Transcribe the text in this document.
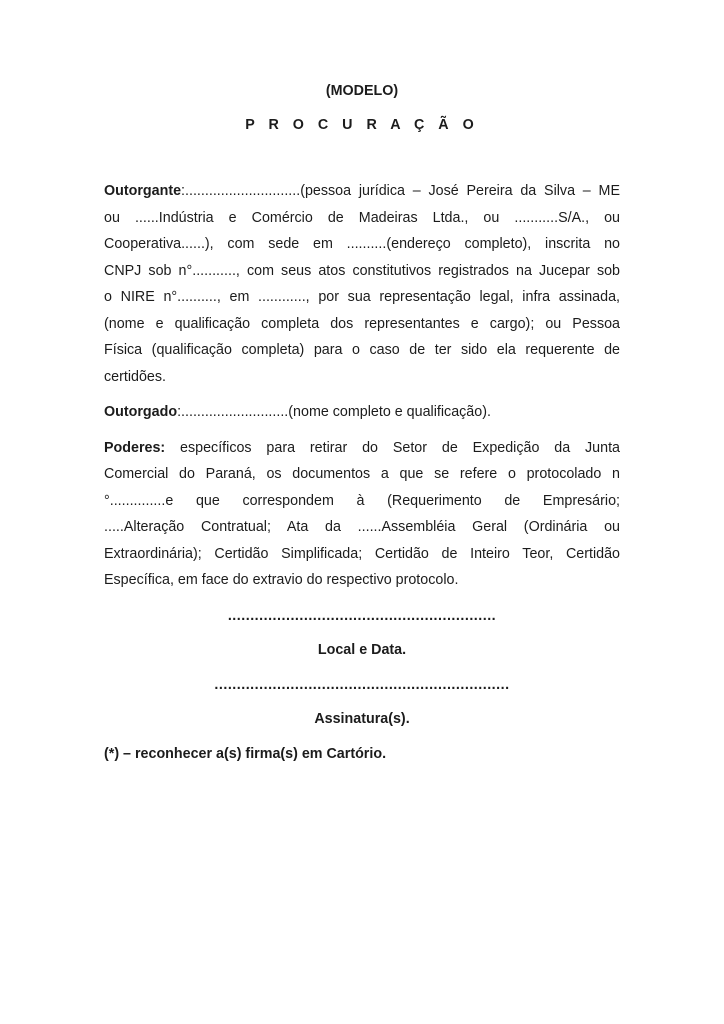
(MODELO)
P R O C U R A Ç Ã O
Outorgante:.............................(pessoa jurídica – José Pereira da Silva – ME
ou ......Indústria e Comércio de Madeiras Ltda., ou ...........S/A., ou
Cooperativa......), com sede em ..........(endereço completo), inscrita no
CNPJ sob n°..........., com seus atos constitutivos registrados na Jucepar sob
o NIRE n°.........., em ............, por sua representação legal, infra assinada,
(nome e qualificação completa dos representantes e cargo); ou Pessoa
Física (qualificação completa) para o caso de ter sido ela requerente de
certidões.
Outorgado:...........................(nome completo e qualificação).
Poderes: específicos para retirar do Setor de Expedição da Junta
Comercial do Paraná, os documentos a que se refere o protocolado n
°..............e que correspondem à (Requerimento de Empresário;
.....Alteração Contratual; Ata da ......Assembléia Geral (Ordinária ou
Extraordinária); Certidão Simplificada; Certidão de Inteiro Teor, Certidão
Específica, em face do extravio do respectivo protocolo.
............................................................
Local e Data.
..................................................................
Assinatura(s).
(*) – reconhecer a(s) firma(s) em Cartório.
